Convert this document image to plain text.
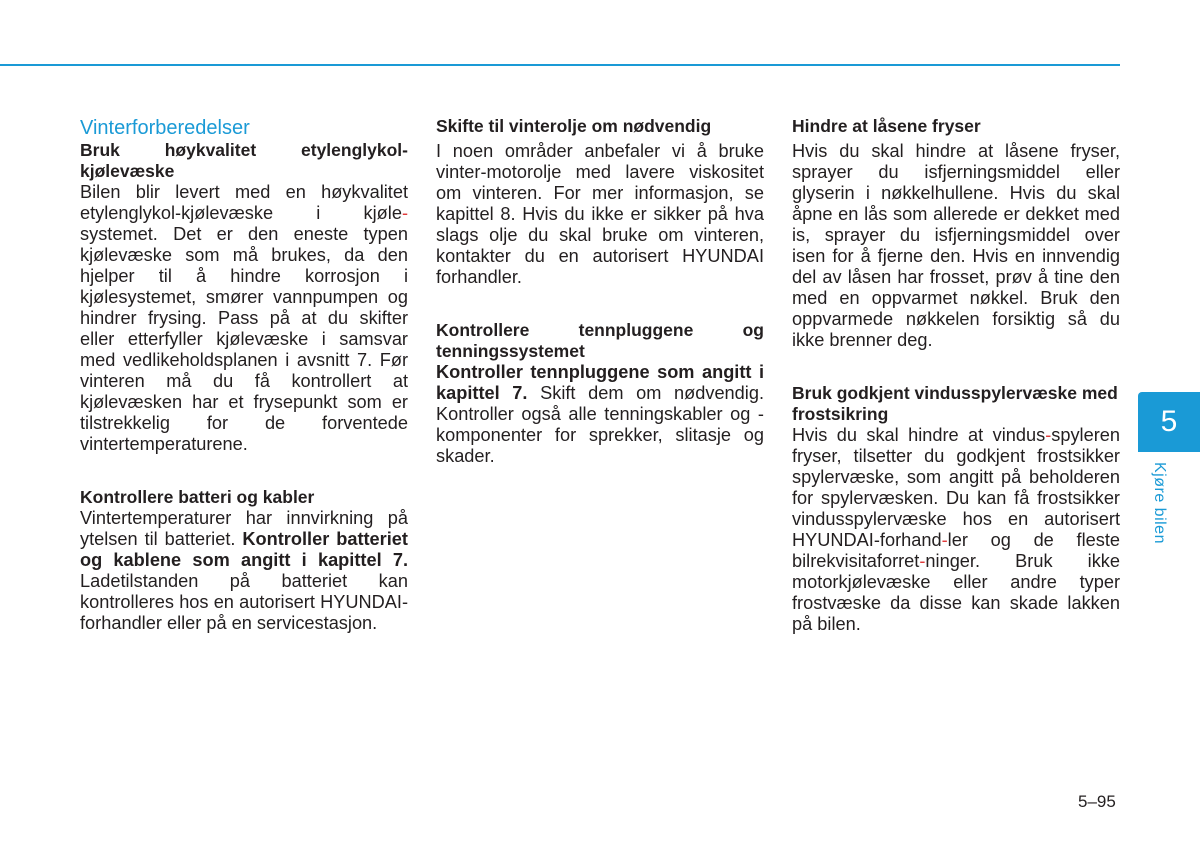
Vinterforberedelser
Bruk høykvalitet etylenglykol-kjølevæske

Bilen blir levert med en høykvalitet etylenglykol-kjølevæske i kjøle-systemet. Det er den eneste typen kjølevæske som må brukes, da den hjelper til å hindre korrosjon i kjølesystemet, smører vannpumpen og hindrer frysing. Pass på at du skifter eller etterfyller kjølevæske i samsvar med vedlikeholdsplanen i avsnitt 7. Før vinteren må du få kontrollert at kjølevæsken har et frysepunkt som er tilstrekkelig for de forventede vintertemperaturene.

Kontrollere batteri og kabler

Vintertemperaturer har innvirkning på ytelsen til batteriet. Kontroller batteriet og kablene som angitt i kapittel 7. Ladetilstanden på batteriet kan kontrolleres hos en autorisert HYUNDAI-forhandler eller på en servicestasjon.

Skifte til vinterolje om nødvendig

I noen områder anbefaler vi å bruke vinter-motorolje med lavere viskositet om vinteren. For mer informasjon, se kapittel 8. Hvis du ikke er sikker på hva slags olje du skal bruke om vinteren, kontakter du en autorisert HYUNDAI forhandler.

Kontrollere tennpluggene og tenningssystemet

Kontroller tennpluggene som angitt i kapittel 7. Skift dem om nødvendig. Kontroller også alle tenningskabler og -komponenter for sprekker, slitasje og skader.

Hindre at låsene fryser

Hvis du skal hindre at låsene fryser, sprayer du isfjerningsmiddel eller glyserin i nøkkelhullene. Hvis du skal åpne en lås som allerede er dekket med is, sprayer du isfjerningsmiddel over isen for å fjerne den. Hvis en innvendig del av låsen har frosset, prøv å tine den med en oppvarmet nøkkel. Bruk den oppvarmede nøkkelen forsiktig så du ikke brenner deg.

Bruk godkjent vindusspylervæske med frostsikring

Hvis du skal hindre at vindus-spyleren fryser, tilsetter du godkjent frostsikker spylervæske, som angitt på beholderen for spylervæsken. Du kan få frostsikker vindusspylervæske hos en autorisert HYUNDAI-forhand-ler og de fleste bilrekvisitaforret-ninger. Bruk ikke motorkjølevæske eller andre typer frostvæske da disse kan skade lakken på bilen.

5
Kjøre bilen
5–95
